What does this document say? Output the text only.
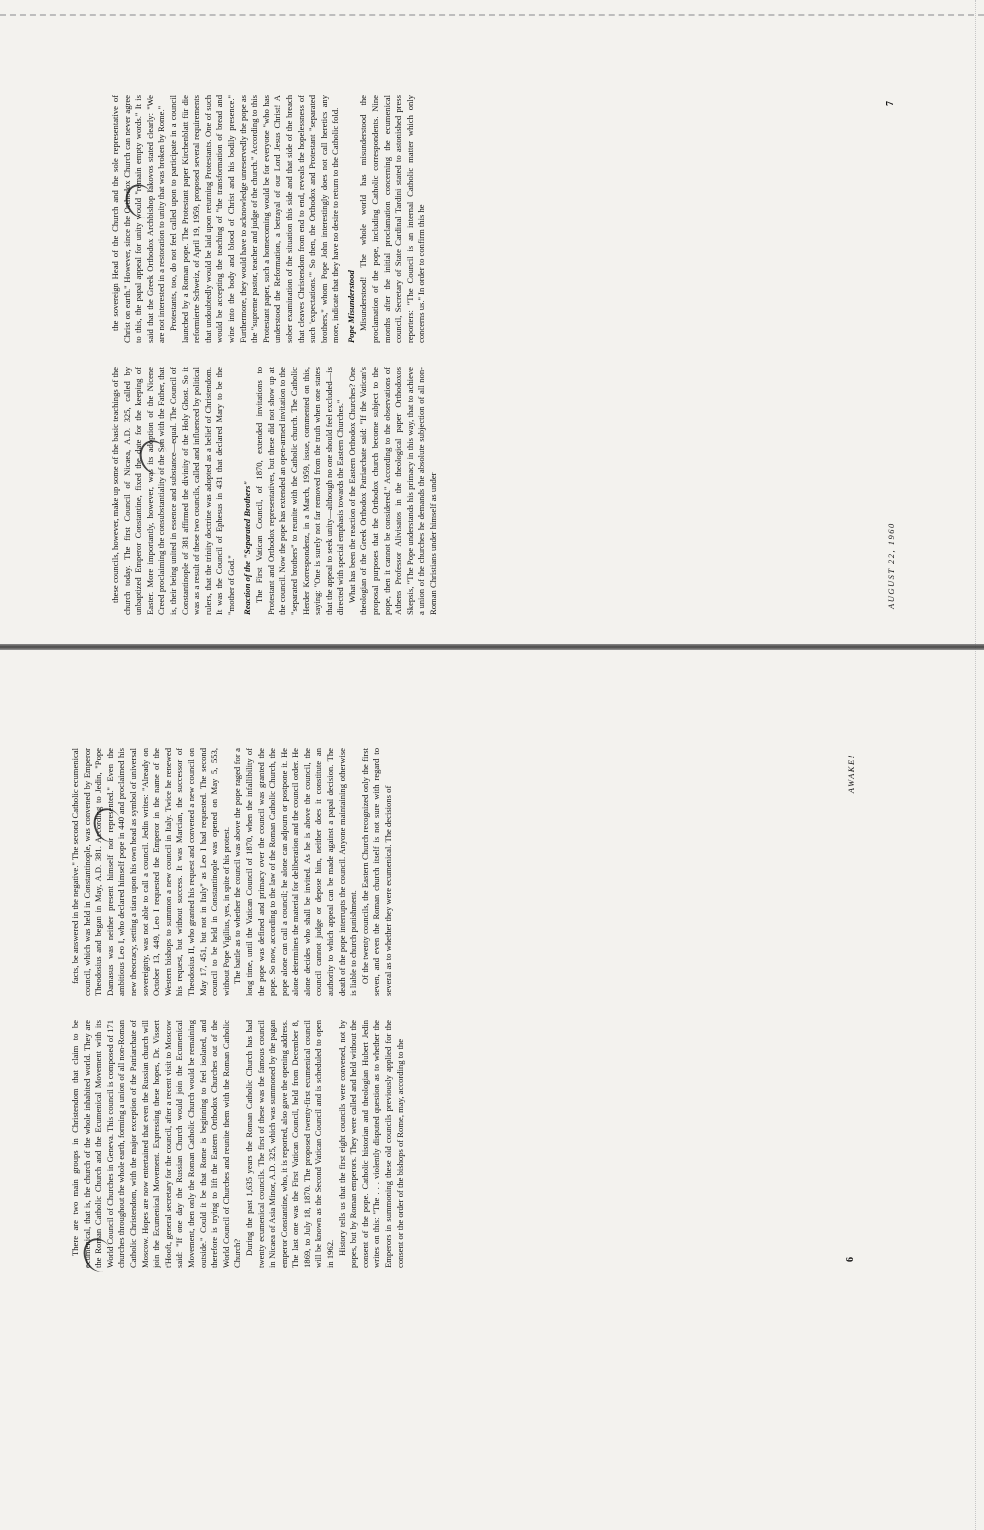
There are two main groups in Christendom that claim to be ecumenical, that is, the church of the whole inhabited world. They are the Roman Catholic Church and the Ecumenical Movement with its World Council of Churches in Geneva. This council is composed of 171 churches throughout the whole earth, forming a union of all non-Roman Catholic Christendom, with the major exception of the Patriarchate of Moscow. Hopes are now entertained that even the Russian church will join the Ecumenical Movement. Expressing these hopes, Dr. Vissert t'Hooft, general secretary for the council, after a recent visit to Moscow said: "If one day the Russian Church would join the Ecumenical Movement, then only the Roman Catholic Church would be remaining outside." Could it be that Rome is beginning to feel isolated, and therefore is trying to lift the Eastern Orthodox Churches out of the World Council of Churches and reunite them with the Roman Catholic Church? During the past 1,635 years the Roman Catholic Church has had twenty ecumenical councils. The first of these was the famous council in Nicaea of Asia Minor, A.D. 325, which was summoned by the pagan emperor Constantine, who, it is reported, also gave the opening address. The last one was the First Vatican Council, held from December 8, 1869, to July 18, 1870. The proposed twenty-first ecumenical council will be known as the Second Vatican Council and is scheduled to open in 1962. History tells us that the first eight councils were convened, not by popes, but by Roman emperors. They were called and held without the consent of the pope. Catholic historian and theologian Hubert Jedin writes on this: "The . . . violently disputed question as to whether the Emperors in summoning these old councils previously applied for the consent or the order of the bishops of Rome, may, according to the

facts, be answered in the negative." The second Catholic ecumenical council, which was held in Constantinople, was convened by Emperor Theodosius and began in May, A.D. 381. According to Jedin, "Pope Damasus was neither present himself nor represented." Even the ambitious Leo I, who declared himself pope in 440 and proclaimed his new theocracy, setting a tiara upon his own head as symbol of universal sovereignty, was not able to call a council. Jedin writes: "Already on October 13, 449, Leo I requested the Emperor in the name of the Western bishops to summon a new council in Italy. Twice he renewed his request, but without success. It was Marcian, the successor of Theodosius II, who granted his request and convened a new council on May 17, 451, but not in Italy" as Leo I had requested. The second council to be held in Constantinople was opened on May 5, 553, without Pope Vigilius, yes, in spite of his protest. The battle as to whether the council was above the pope raged for a long time, until the Vatican Council of 1870, when the infallibility of the pope was defined and primacy over the council was granted the pope. So now, according to the law of the Roman Catholic Church, the pope alone can call a council; he alone can adjourn or postpone it. He alone determines the material for deliberation and the council order. He alone decides who shall be invited. As he is above the council, the council cannot judge or depose him, neither does it constitute an authority to which appeal can be made against a papal decision. The death of the pope interrupts the council. Anyone maintaining otherwise is liable to church punishment. Of the twenty councils, the Eastern Church recognized only the first seven, and even the Roman church itself is not sure with regard to several as to whether they were ecumenical. The decisions of

6
AWAKE!

these councils, however, make up some of the basic teachings of the church today. The first Council of Nicaea, A.D. 325, called by unbaptized Emperor Constantine, fixed the date for the keeping of Easter. More importantly, however, was its adoption of the Nicene Creed proclaiming the consubstantiality of the Son with the Father, that is, their being united in essence and substance—equal. The Council of Constantinople of 381 affirmed the divinity of the Holy Ghost. So it was as a result of these two councils, called and influenced by political rulers, that the trinity doctrine was adopted as a belief of Christendom. It was the Council of Ephesus in 431 that declared Mary to be the "mother of God." Reaction of the "Separated Brothers" The First Vatican Council, of 1870, extended invitations to Protestant and Orthodox representatives, but these did not show up at the council. Now the pope has extended an open-armed invitation to the "separated brothers" to reunite with the Catholic church. The Catholic Herder Korrespondenz, in a March, 1959, issue, commented on this, saying: "One is surely not far removed from the truth when one states that the appeal to seek unity—although no one should feel excluded—is directed with special emphasis towards the Eastern Churches." What has been the reaction of the Eastern Orthodox Churches? One theologian of the Greek Orthodox Patriarchate said: "If the Vatican's proposal purposes that the Orthodox church become subject to the pope, then it cannot be considered." According to the observations of Athens Professor Alivisatos in the theological paper Orthodoxos Skepsis, "The Pope understands his primacy in this way, that to achieve a union of the churches he demands the absolute subjection of all non-Roman Christians under himself as under

the sovereign Head of the Church and the sole representative of Christ on earth." However, since the Orthodox Church can never agree to this, the papal appeal for unity would "remain empty words." It is said that the Greek Orthodox Archbishop Iakovos stated clearly: "We are not interested in a restoration to unity that was broken by Rome." Protestants, too, do not feel called upon to participate in a council launched by a Roman pope. The Protestant paper Kirchenblatt für die reformierte Schweiz, of April 19, 1959, proposed several requirements that undoubtedly would be laid upon returning Protestants. One of such would be accepting the teaching of "the transformation of bread and wine into the body and blood of Christ and his bodily presence." Furthermore, they would have to acknowledge unreservedly the pope as the "supreme pastor, teacher and judge of the church." According to this Protestant paper, such a homecoming would be for everyone "who has understood the Reformation, a betrayal of our Lord Jesus Christ! A sober examination of the situation this side and that side of the breach that cleaves Christendom from end to end, reveals the hopelessness of such 'expectations.'" So then, the Orthodox and Protestant "separated brothers," whom Pope John interestingly does not call heretics any more, indicate that they have no desire to return to the Catholic fold. Pope Misunderstood Misunderstood! The whole world has misunderstood the proclamation of the pope, including Catholic correspondents. Nine months after the initial proclamation concerning the ecumenical council, Secretary of State Cardinal Tardini stated to astonished press reporters: "The Council is an internal Catholic matter which only concerns us." In order to confirm this he

AUGUST 22, 1960
7
